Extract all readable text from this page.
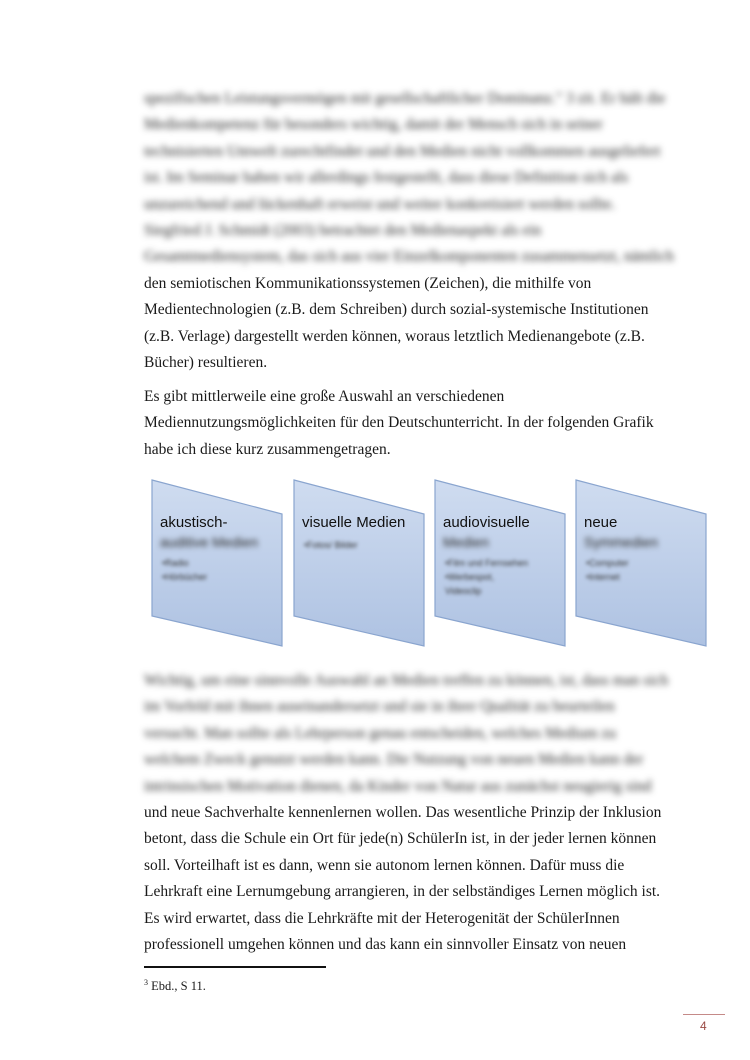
spezifischen Leistungsvermögen mit gesellschaftlicher Dominanz." 3 zit. Er hält die
Medienkompetenz für besonders wichtig, damit der Mensch sich in seiner
technisierten Umwelt zurechtfindet und den Medien nicht vollkommen ausgeliefert
ist. Im Seminar haben wir allerdings festgestellt, dass diese Definition sich als
unzureichend und lückenhaft erweist und weiter konkretisiert werden sollte.
Siegfried J. Schmidt (2003) betrachtet den Medienaspekt als ein
Gesamtmediensystem, das sich aus vier Einzelkomponenten zusammensetzt, nämlich
den semiotischen Kommunikationssystemen (Zeichen), die mithilfe von
Medientechnologien (z.B. dem Schreiben) durch sozial-systemische Institutionen
(z.B. Verlage) dargestellt werden können, woraus letztlich Medienangebote (z.B.
Bücher) resultieren.
Es gibt mittlerweile eine große Auswahl an verschiedenen
Mediennutzungsmöglichkeiten für den Deutschunterricht. In der folgenden Grafik
habe ich diese kurz zusammengetragen.
akustisch-
auditive Medien
•Radio
•Hörbücher
visuelle Medien
•Fotos/ Bilder
audiovisuelle
Medien
•Film und Fernsehen
•Werbespot,
Videoclip
neue
Symmedien
•Computer
•Internet
Wichtig, um eine sinnvolle Auswahl an Medien treffen zu können, ist, dass man sich
im Vorfeld mit ihnen auseinandersetzt und sie in ihrer Qualität zu beurteilen
versucht. Man sollte als Lehrperson genau entscheiden, welches Medium zu
welchem Zweck genutzt werden kann. Die Nutzung von neuen Medien kann der
intrinsischen Motivation dienen, da Kinder von Natur aus zunächst neugierig sind
und neue Sachverhalte kennenlernen wollen. Das wesentliche Prinzip der Inklusion
betont, dass die Schule ein Ort für jede(n) SchülerIn ist, in der jeder lernen können
soll. Vorteilhaft ist es dann, wenn sie autonom lernen können. Dafür muss die
Lehrkraft eine Lernumgebung arrangieren, in der selbständiges Lernen möglich ist.
Es wird erwartet, dass die Lehrkräfte mit der Heterogenität der SchülerInnen
professionell umgehen können und das kann ein sinnvoller Einsatz von neuen
$^3$ Ebd., S 11.
4
